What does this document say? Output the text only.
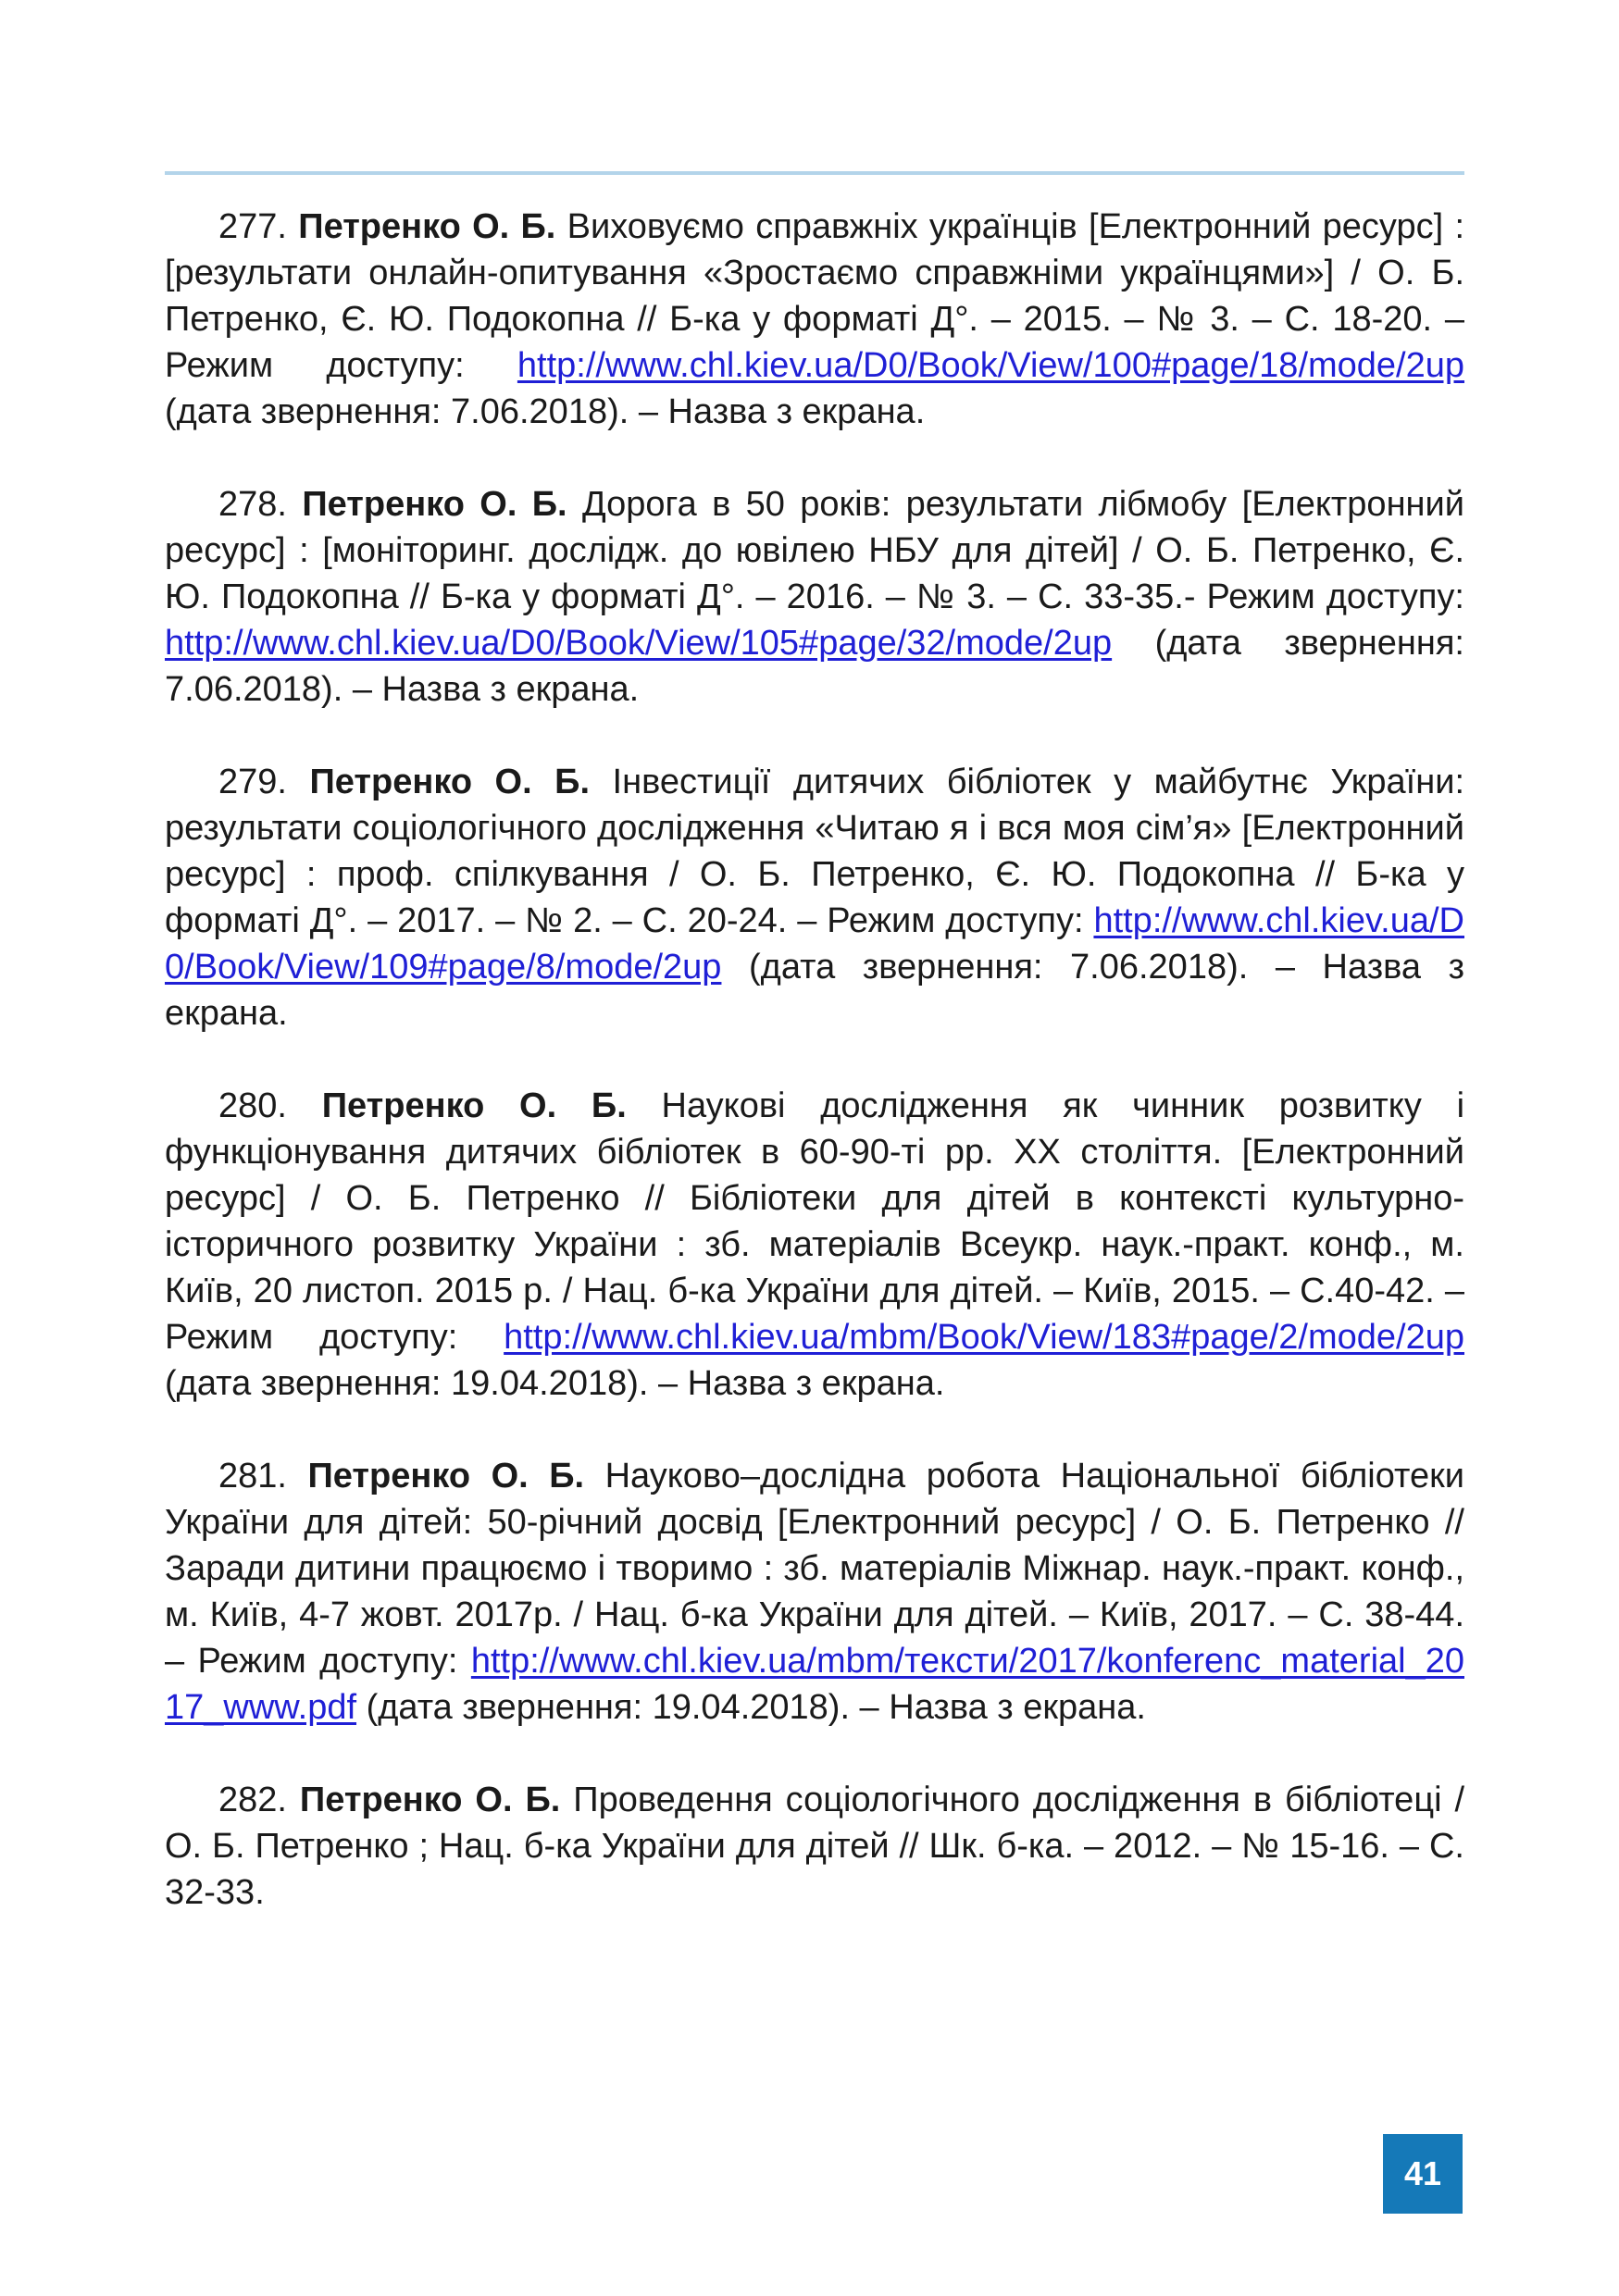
277. Петренко О. Б. Виховуємо справжніх українців [Електронний ресурс] : [результати онлайн-опитування «Зростаємо справжніми українцями»] / О. Б. Петренко, Є. Ю. Подокопна // Б-ка у форматі Д°. – 2015. – № 3. – С. 18-20. – Режим доступу: http://www.chl.kiev.ua/D0/Book/View/100#page/18/mode/2up (дата звернення: 7.06.2018). – Назва з екрана.

278. Петренко О. Б. Дорога в 50 років: результати лібмобу [Електронний ресурс] : [моніторинг. дослідж. до ювілею НБУ для дітей] / О. Б. Петренко, Є. Ю. Подокопна // Б-ка у форматі Д°. – 2016. – № 3. – С. 33-35.- Режим доступу: http://www.chl.kiev.ua/D0/Book/View/105#page/32/mode/2up (дата звернення: 7.06.2018). – Назва з екрана.

279. Петренко О. Б. Інвестиції дитячих бібліотек у майбутнє України: результати соціологічного дослідження «Читаю я і вся моя сім’я» [Електронний ресурс] : проф. спілкування / О. Б. Петренко, Є. Ю. Подокопна // Б-ка у форматі Д°. – 2017. – № 2. – С. 20-24. – Режим доступу: http://www.chl.kiev.ua/D0/Book/View/109#page/8/mode/2up (дата звернення: 7.06.2018). – Назва з екрана.

280. Петренко О. Б. Наукові дослідження як чинник розвитку і функціонування дитячих бібліотек в 60-90-ті рр. XX століття. [Електронний ресурс] / О. Б. Петренко // Бібліотеки для дітей в контексті культурно-історичного розвитку України : зб. матеріалів Всеукр. наук.-практ. конф., м. Київ, 20 листоп. 2015 р. / Нац. б-ка України для дітей. – Київ, 2015. – С.40-42. – Режим доступу: http://www.chl.kiev.ua/mbm/Book/View/183#page/2/mode/2up (дата звернення: 19.04.2018). – Назва з екрана.

281. Петренко О. Б. Науково–дослідна робота Національної бібліотеки України для дітей: 50-річний досвід [Електронний ресурс] / О. Б. Петренко // Заради дитини працюємо і творимо : зб. матеріалів Міжнар. наук.-практ. конф., м. Київ, 4-7 жовт. 2017р. / Нац. б-ка України для дітей. – Київ, 2017. – С. 38-44. – Режим доступу: http://www.chl.kiev.ua/mbm/тексти/2017/konferenc_material_2017_www.pdf (дата звернення: 19.04.2018). – Назва з екрана.

282. Петренко О. Б. Проведення соціологічного дослідження в бібліотеці / О. Б. Петренко ; Нац. б-ка України для дітей // Шк. б-ка. – 2012. – № 15-16. – С. 32-33.

41
